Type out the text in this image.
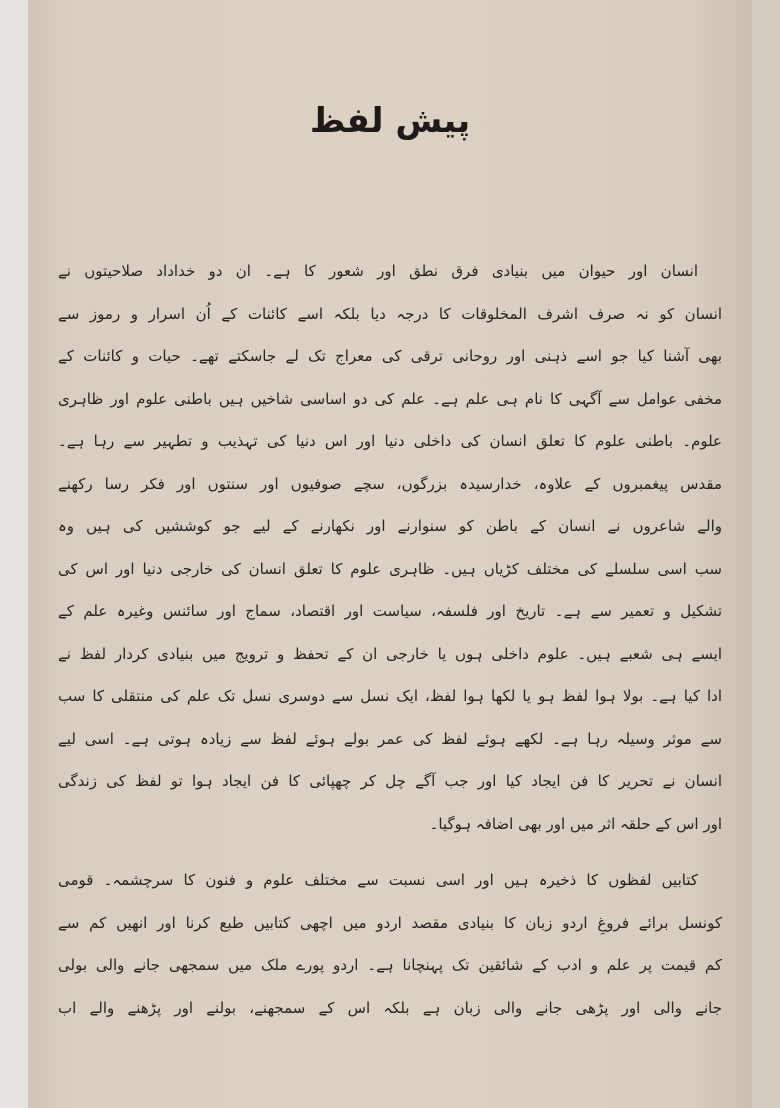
پیش لفظ
انسان اور حیوان میں بنیادی فرق نطق اور شعور کا ہے۔ ان دو خداداد صلاحیتوں نے
انسان کو نہ صرف اشرف المخلوقات کا درجہ دیا بلکہ اسے کائنات کے اُن اسرار و رموز سے
بھی آشنا کیا جو اسے ذہنی اور روحانی ترقی کی معراج تک لے جاسکتے تھے۔ حیات و کائنات کے
مخفی عوامل سے آگہی کا نام ہی علم ہے۔ علم کی دو اساسی شاخیں ہیں باطنی علوم اور ظاہری
علوم۔ باطنی علوم کا تعلق انسان کی داخلی دنیا اور اس دنیا کی تہذیب و تطہیر سے رہا ہے۔
مقدس پیغمبروں کے علاوہ، خدارسیدہ بزرگوں، سچے صوفیوں اور سنتوں اور فکر رسا رکھنے
والے شاعروں نے انسان کے باطن کو سنوارنے اور نکھارنے کے لیے جو کوششیں کی ہیں وہ
سب اسی سلسلے کی مختلف کڑیاں ہیں۔ ظاہری علوم کا تعلق انسان کی خارجی دنیا اور اس کی
تشکیل و تعمیر سے ہے۔ تاریخ اور فلسفہ، سیاست اور اقتصاد، سماج اور سائنس وغیرہ علم کے
ایسے ہی شعبے ہیں۔ علوم داخلی ہوں یا خارجی ان کے تحفظ و ترویج میں بنیادی کردار لفظ نے
ادا کیا ہے۔ بولا ہوا لفظ ہو یا لکھا ہوا لفظ، ایک نسل سے دوسری نسل تک علم کی منتقلی کا سب
سے موثر وسیلہ رہا ہے۔ لکھے ہوئے لفظ کی عمر بولے ہوئے لفظ سے زیادہ ہوتی ہے۔ اسی لیے
انسان نے تحریر کا فن ایجاد کیا اور جب آگے چل کر چھپائی کا فن ایجاد ہوا تو لفظ کی زندگی
اور اس کے حلقہ اثر میں اور بھی اضافہ ہوگیا۔
کتابیں لفظوں کا ذخیرہ ہیں اور اسی نسبت سے مختلف علوم و فنون کا سرچشمہ۔ قومی
کونسل برائے فروغِ اردو زبان کا بنیادی مقصد اردو میں اچھی کتابیں طبع کرنا اور انھیں کم سے
کم قیمت پر علم و ادب کے شائقین تک پہنچانا ہے۔ اردو پورے ملک میں سمجھی جانے والی بولی
جانے والی اور پڑھی جانے والی زبان ہے بلکہ اس کے سمجھنے، بولنے اور پڑھنے والے اب
